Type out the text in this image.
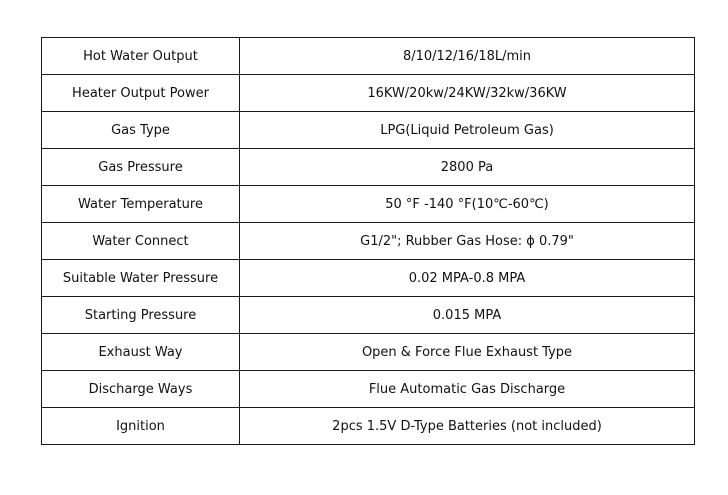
Hot Water Output	8/10/12/16/18L/min
Heater Output Power	16KW/20kw/24KW/32kw/36KW
Gas Type	LPG(Liquid Petroleum Gas)
Gas Pressure	2800 Pa
Water Temperature	50 °F -140 °F(10℃-60℃)
Water Connect	G1/2"; Rubber Gas Hose: ϕ 0.79"
Suitable Water Pressure	0.02 MPA-0.8 MPA
Starting Pressure	0.015 MPA
Exhaust Way	Open & Force Flue Exhaust Type
Discharge Ways	Flue Automatic Gas Discharge
Ignition	2pcs 1.5V D-Type Batteries (not included)
